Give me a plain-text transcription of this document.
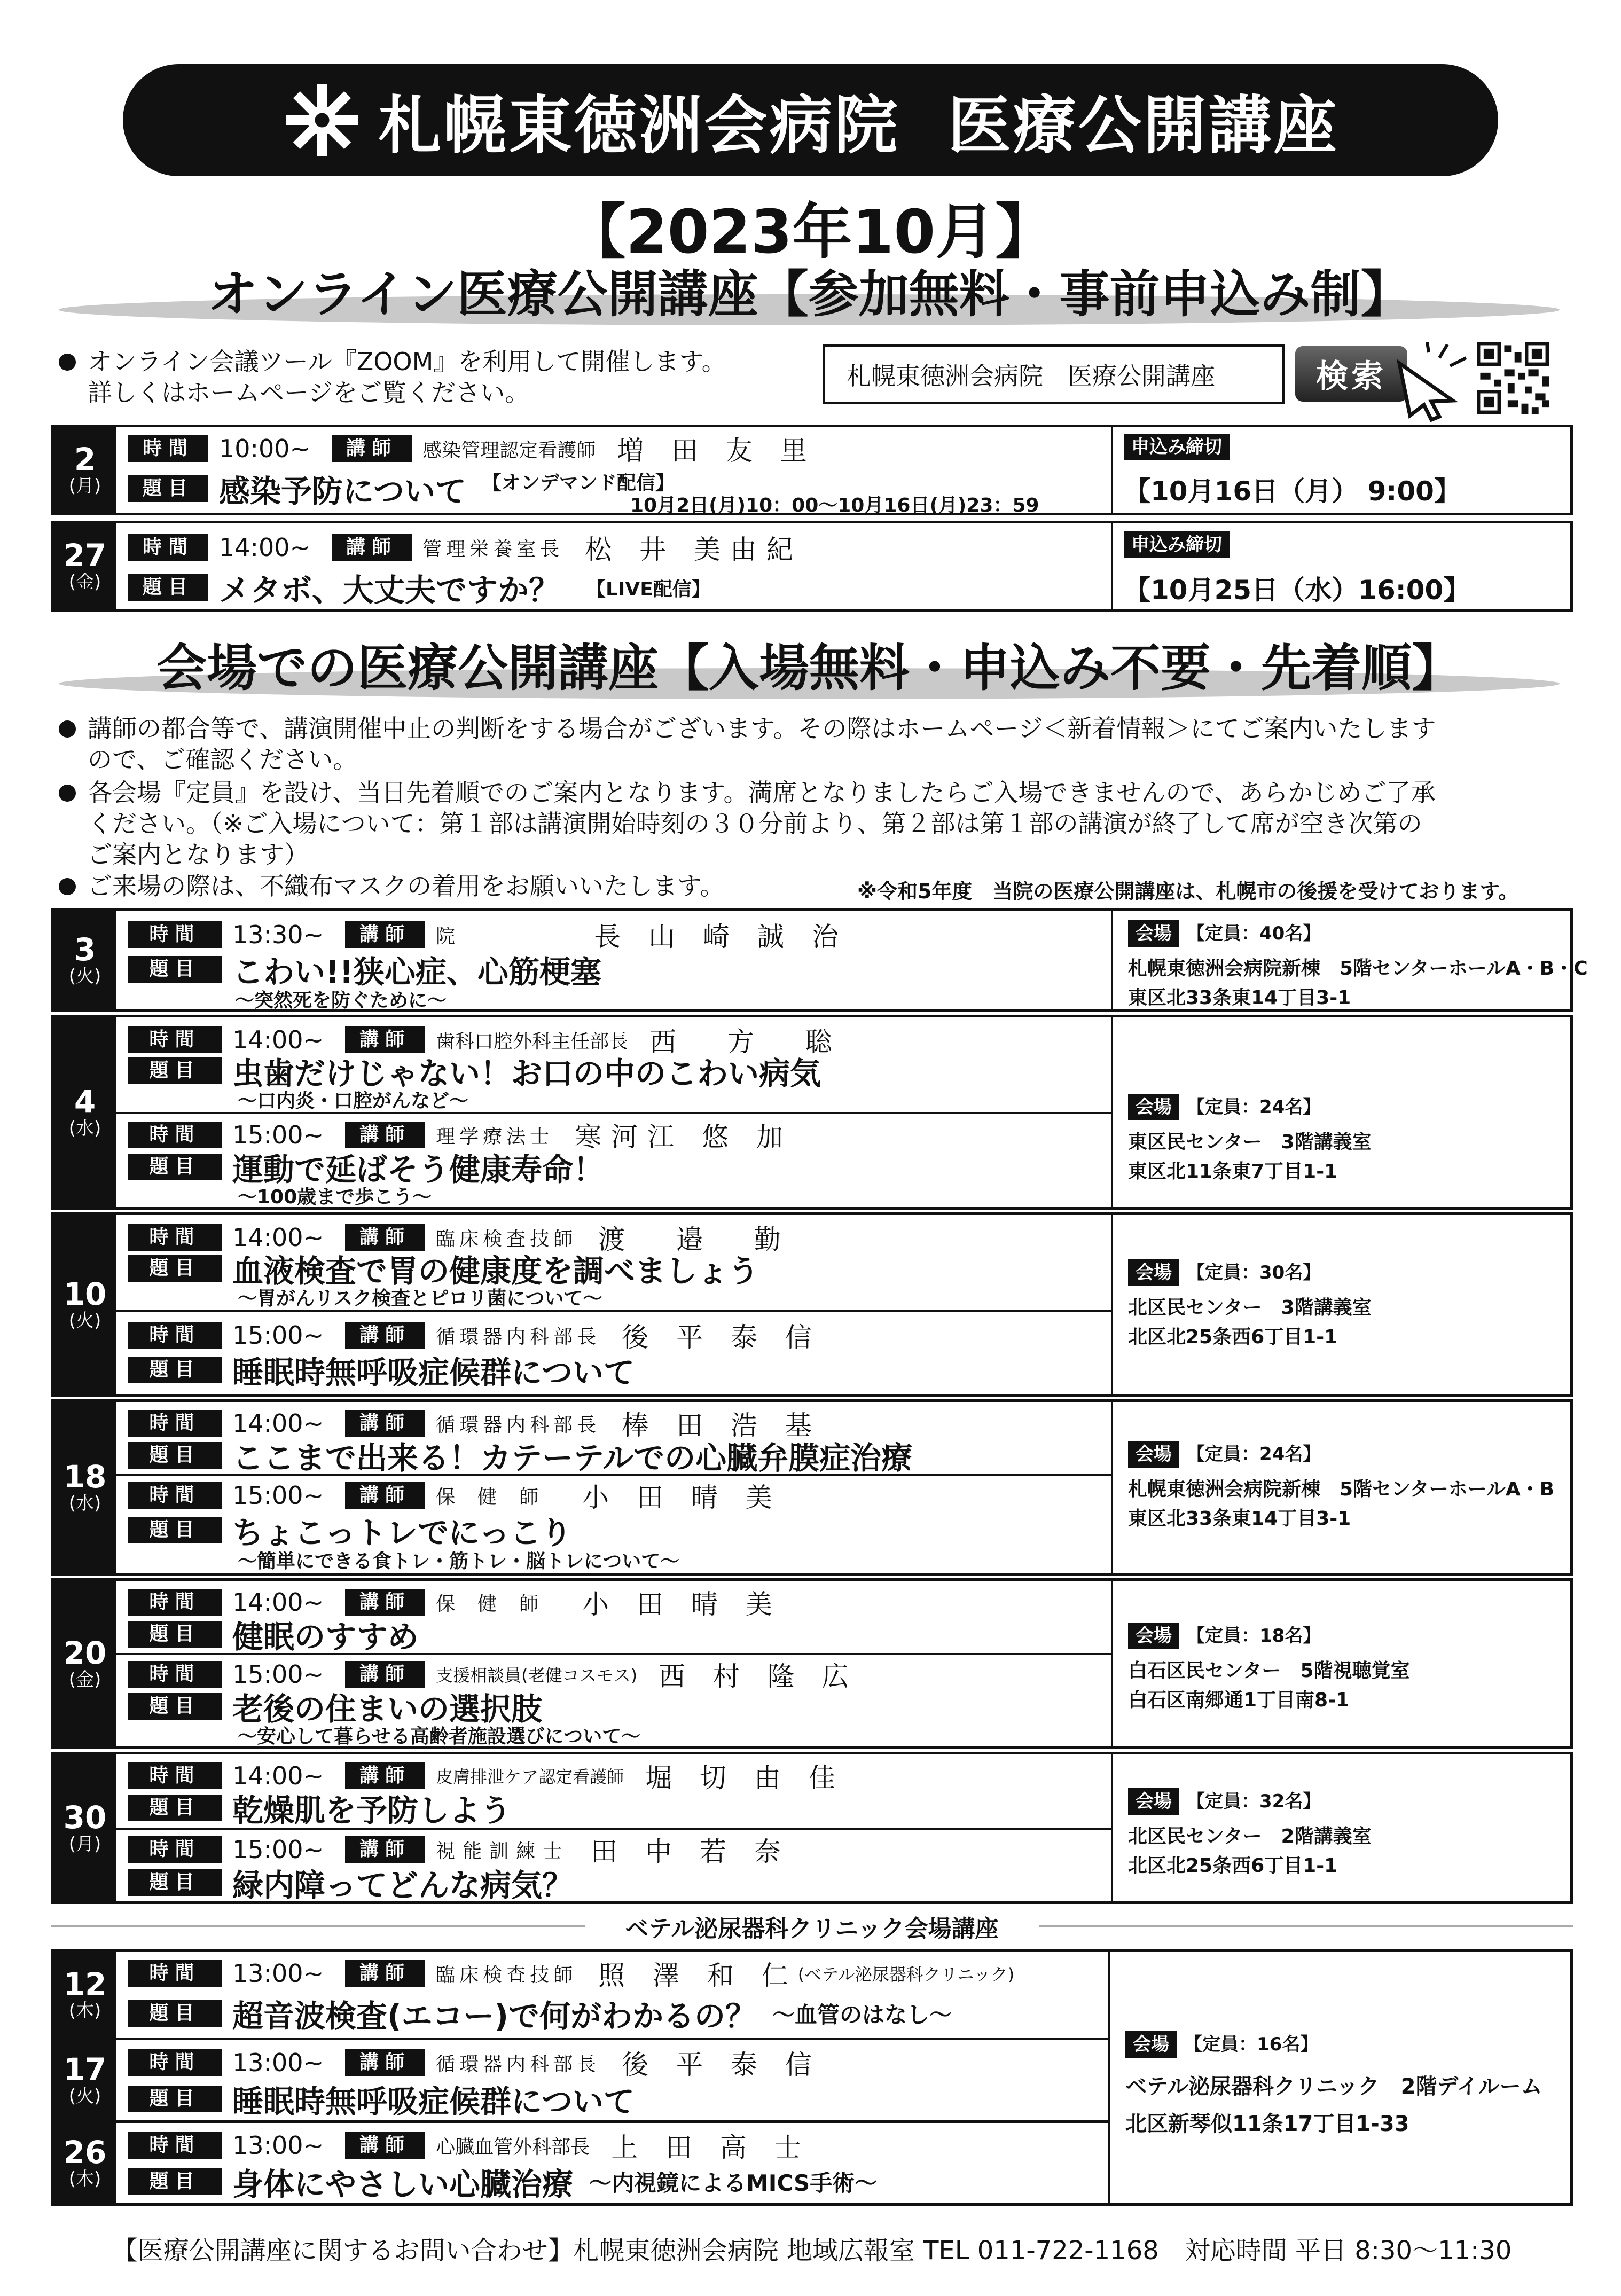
札幌東徳洲会病院 医療公開講座
【2023年10月】
オンライン医療公開講座【参加無料・事前申込み制】
オンライン会議ツール『ZOOM』を利用して開催します。
詳しくはホームページをご覧ください。
札幌東徳洲会病院　医療公開講座	検索
2
(月)
時間	10:00~	講師	感染管理認定看護師 増 田 友 里
題目 感染予防について 【オンデマンド配信】
10月2日(月)10：00～10月16日(月)23：59
申込み締切
【10月16日（月） 9:00】
27
(金)
時間	14:00~	講師	管理栄養室長 松 井 美由紀
題目 メタボ、大丈夫ですか？ 【LIVE配信】
申込み締切
【10月25日（水）16:00】
会場での医療公開講座【入場無料・申込み不要・先着順】
講師の都合等で、講演開催中止の判断をする場合がございます。その際はホームページ＜新着情報＞にてご案内いたします
ので、ご確認ください。
各会場『定員』を設け、当日先着順でのご案内となります。満席となりましたらご入場できませんので、あらかじめご了承
ください。（※ご入場について：第１部は講演開始時刻の３０分前より、第２部は第１部の講演が終了して席が空き次第の
ご案内となります）
ご来場の際は、不織布マスクの着用をお願いいたします。	※令和5年度　当院の医療公開講座は、札幌市の後援を受けております。
3
(火)
時間	13:30~	講師	院	長 山 崎 誠 治
題目	こわい!!狭心症、心筋梗塞
～突然死を防ぐために～
会場 【定員：40名】
札幌東徳洲会病院新棟　5階センターホールA・B・C
東区北33条東14丁目3-1
4
(水)
時間	14:00~	講師	歯科口腔外科主任部長 西 方 聡
題目	虫歯だけじゃない！お口の中のこわい病気
～口内炎・口腔がんなど～
時間	15:00~	講師	理学療法士 寒河江 悠 加
題目	運動で延ばそう健康寿命！
～100歳まで歩こう～
会場 【定員：24名】
東区民センター　3階講義室
東区北11条東7丁目1-1
10
(火)
時間	14:00~	講師	臨床検査技師 渡 邉 勤
題目	血液検査で胃の健康度を調べましょう
～胃がんリスク検査とピロリ菌について～
時間	15:00~	講師	循環器内科部長 後 平 泰 信
題目	睡眠時無呼吸症候群について
会場 【定員：30名】
北区民センター　3階講義室
北区北25条西6丁目1-1
18
(水)
時間	14:00~	講師	循環器内科部長 棒 田 浩 基
題目	ここまで出来る！カテーテルでの心臓弁膜症治療
時間	15:00~	講師	保健師 小 田 晴 美
題目	ちょこっトレでにっこり
～簡単にできる食トレ・筋トレ・脳トレについて～
会場 【定員：24名】
札幌東徳洲会病院新棟　5階センターホールA・B
東区北33条東14丁目3-1
20
(金)
時間	14:00~	講師	保健師 小 田 晴 美
題目	健眠のすすめ
時間	15:00~	講師	支援相談員(老健コスモス) 西 村 隆 広
題目	老後の住まいの選択肢
～安心して暮らせる高齢者施設選びについて～
会場 【定員：18名】
白石区民センター　5階視聴覚室
白石区南郷通1丁目南8-1
30
(月)
時間	14:00~	講師	皮膚排泄ケア認定看護師 堀 切 由 佳
題目	乾燥肌を予防しよう
時間	15:00~	講師	視能訓練士 田 中 若 奈
題目	緑内障ってどんな病気？
会場 【定員：32名】
北区民センター　2階講義室
北区北25条西6丁目1-1
ベテル泌尿器科クリニック会場講座
12
(木)
時間	13:00~	講師	臨床検査技師 照 澤 和 仁 (ベテル泌尿器科クリニック)
題目	超音波検査(エコー)で何がわかるの？ ～血管のはなし～
17
(火)
時間	13:00~	講師	循環器内科部長 後 平 泰 信
題目	睡眠時無呼吸症候群について
26
(木)
時間	13:00~	講師	心臓血管外科部長 上 田 高 士
題目	身体にやさしい心臓治療 ～内視鏡によるMICS手術～
会場 【定員：16名】
ベテル泌尿器科クリニック　2階デイルーム
北区新琴似11条17丁目1-33
【医療公開講座に関するお問い合わせ】札幌東徳洲会病院 地域広報室 TEL 011-722-1168　対応時間 平日 8:30～11:30
